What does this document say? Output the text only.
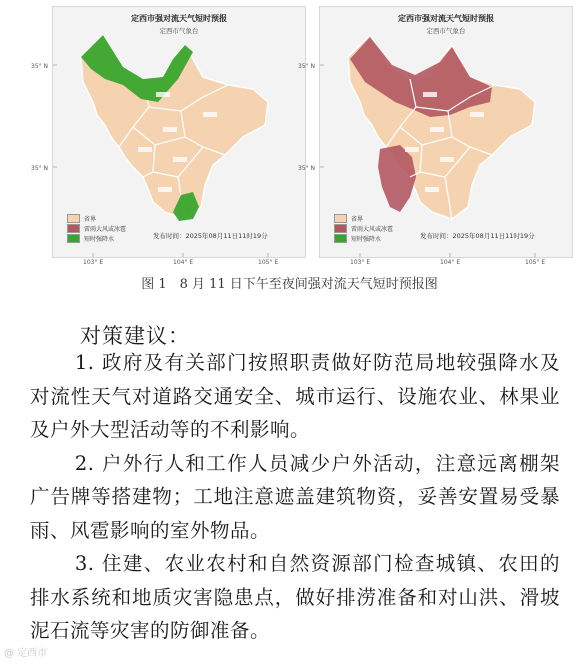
定西市强对流天气短时预报
定西市气象台
35° N
35° N
103° E	104° E	105° E
省界
雷雨大风或冰雹
短时强降水	发布时间：2025年08月11日11时19分
定西市强对流天气短时预报
定西市气象台
35° N
35° N
103° E	104° E	105° E
省界
雷雨大风或冰雹
短时强降水	发布时间：2025年08月11日11时19分
图 1　8 月 11 日下午至夜间强对流天气短时预报图
对策建议：

1. 政府及有关部门按照职责做好防范局地较强降水及对流性天气对道路交通安全、城市运行、设施农业、林果业及户外大型活动等的不利影响。

2. 户外行人和工作人员减少户外活动，注意远离棚架广告牌等搭建物；工地注意遮盖建筑物资，妥善安置易受暴雨、风雹影响的室外物品。

3. 住建、农业农村和自然资源部门检查城镇、农田的排水系统和地质灾害隐患点，做好排涝准备和对山洪、滑坡泥石流等灾害的防御准备。

@ 定西市
